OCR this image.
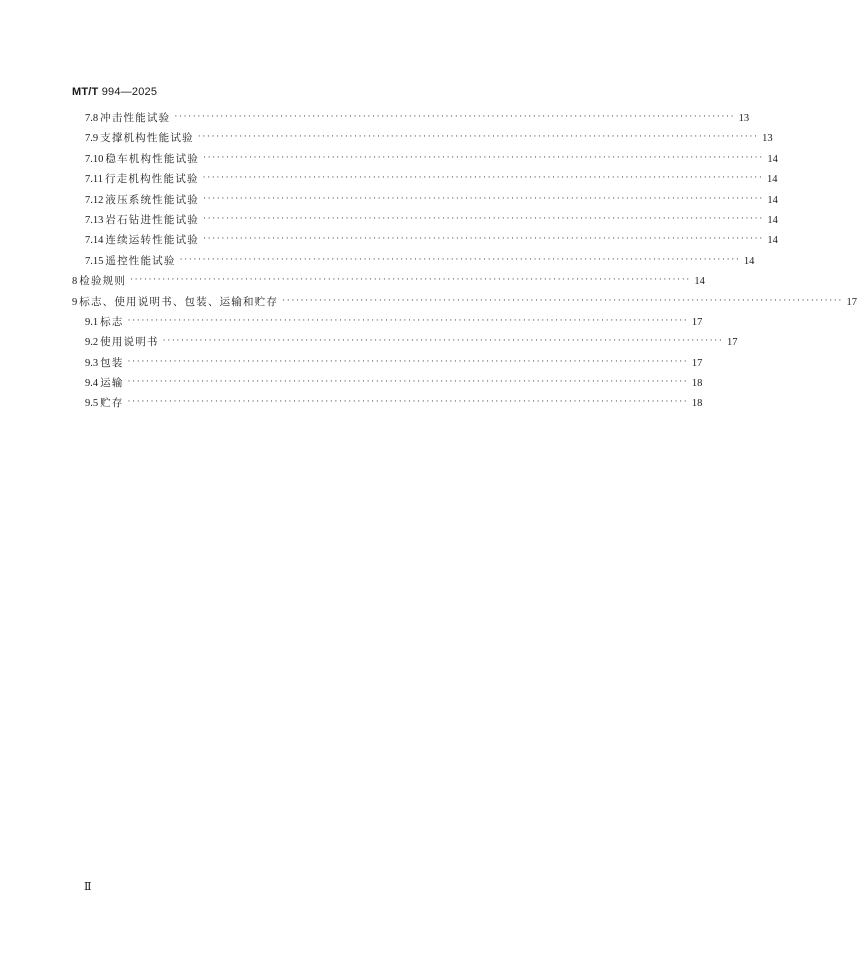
MT/T 994—2025
7.8 冲击性能试验 ·························································································································· 13
7.9 支撑机构性能试验 ·························································································································· 13
7.10 稳车机构性能试验 ·························································································································· 14
7.11 行走机构性能试验 ·························································································································· 14
7.12 液压系统性能试验 ·························································································································· 14
7.13 岩石钻进性能试验 ·························································································································· 14
7.14 连续运转性能试验 ·························································································································· 14
7.15 遥控性能试验 ·························································································································· 14
8 检验规则 ·························································································································· 14
9 标志、使用说明书、包装、运输和贮存 ·························································································································· 17
9.1 标志 ·························································································································· 17
9.2 使用说明书 ·························································································································· 17
9.3 包装 ·························································································································· 17
9.4 运输 ·························································································································· 18
9.5 贮存 ·························································································································· 18
Ⅱ
